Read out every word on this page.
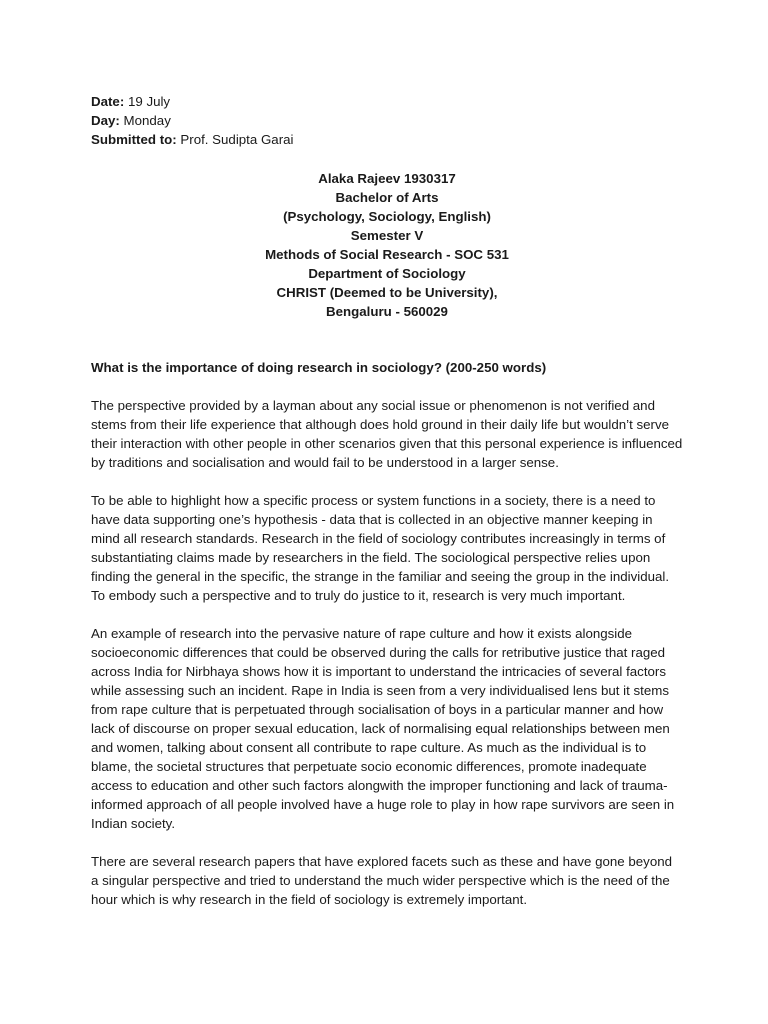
Date: 19 July

Day: Monday

Submitted to: Prof. Sudipta Garai

Alaka Rajeev 1930317
Bachelor of Arts
(Psychology, Sociology, English)
Semester V
Methods of Social Research - SOC 531
Department of Sociology
CHRIST (Deemed to be University),
Bengaluru - 560029
What is the importance of doing research in sociology? (200-250 words)

The perspective provided by a layman about any social issue or phenomenon is not verified and stems from their life experience that although does hold ground in their daily life but wouldn’t serve their interaction with other people in other scenarios given that this personal experience is influenced by traditions and socialisation and would fail to be understood in a larger sense.

To be able to highlight how a specific process or system functions in a society, there is a need to have data supporting one’s hypothesis - data that is collected in an objective manner keeping in mind all research standards. Research in the field of sociology contributes increasingly in terms of substantiating claims made by researchers in the field. The sociological perspective relies upon finding the general in the specific, the strange in the familiar and seeing the group in the individual. To embody such a perspective and to truly do justice to it, research is very much important.

An example of research into the pervasive nature of rape culture and how it exists alongside socioeconomic differences that could be observed during the calls for retributive justice that raged across India for Nirbhaya shows how it is important to understand the intricacies of several factors while assessing such an incident. Rape in India is seen from a very individualised lens but it stems from rape culture that is perpetuated through socialisation of boys in a particular manner and how lack of discourse on proper sexual education, lack of normalising equal relationships between men and women, talking about consent all contribute to rape culture. As much as the individual is to blame, the societal structures that perpetuate socio economic differences, promote inadequate access to education and other such factors alongwith the improper functioning and lack of trauma-informed approach of all people involved have a huge role to play in how rape survivors are seen in Indian society.

There are several research papers that have explored facets such as these and have gone beyond a singular perspective and tried to understand the much wider perspective which is the need of the hour which is why research in the field of sociology is extremely important.
